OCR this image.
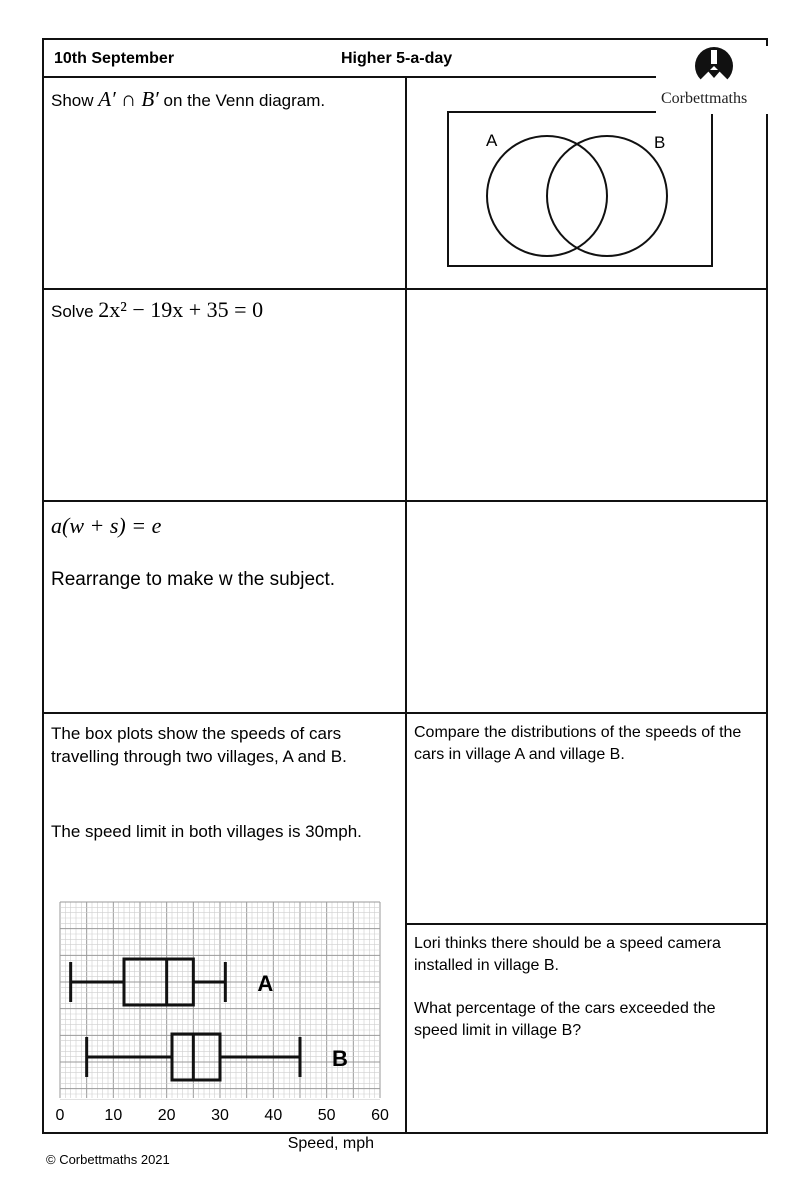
10th September	Higher 5-a-day
Show A′ ∩ B′ on the Venn diagram.
A	B
Solve 2x² − 19x + 35 = 0
a(w + s) = e
Rearrange to make w the subject.
The box plots show the speeds of cars travelling through two villages, A and B.
The speed limit in both villages is 30mph.
A
B
0 10 20 30 40 50 60
Speed, mph
Compare the distributions of the speeds of the cars in village A and village B.
Lori thinks there should be a speed camera installed in village B.
What percentage of the cars exceeded the speed limit in village B?
Corbettmaths
© Corbettmaths 2021
